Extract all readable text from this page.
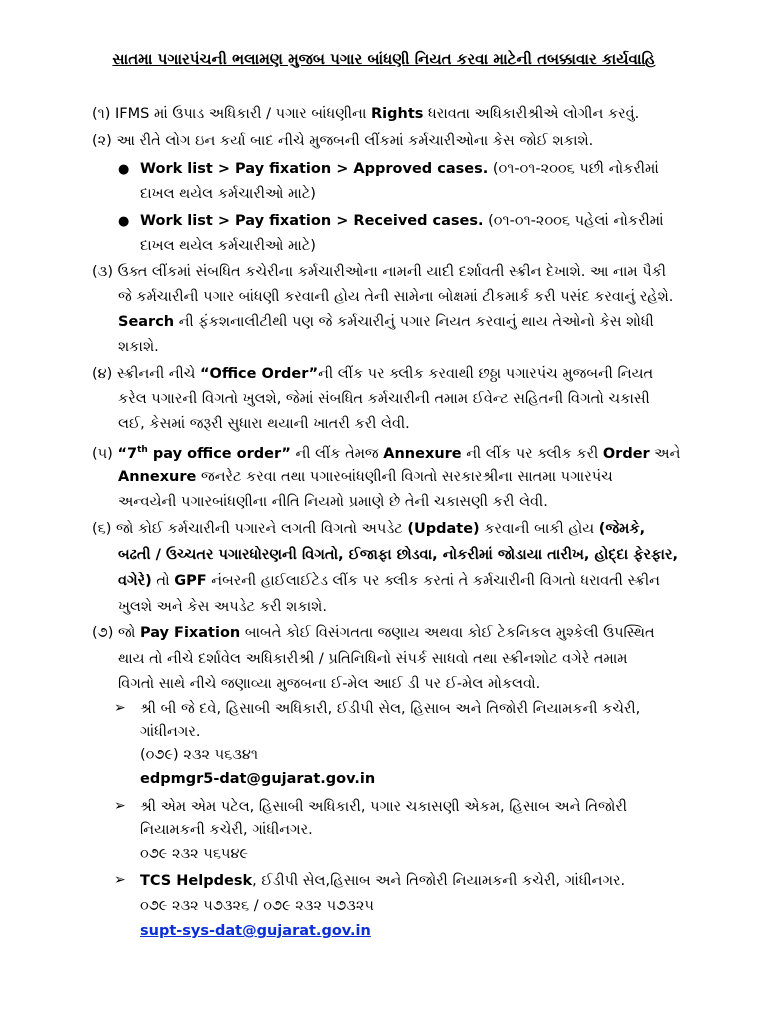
સાતમા પગારપંચની ભલામણ મુજબ પગાર બાંધણી નિયત કરવા માટેની તબક્કાવાર કાર્યવાહિ
(૧) IFMS માં ઉપાડ અધિકારી / પગાર બાંધણીના Rights ધરાવતા અધિકારીશ્રીએ લોગીન કરવું.
(૨) આ રીતે લોગ ઇન કર્યા બાદ નીચે મુજબની લીંકમાં કર્મચારીઓના કેસ જોઈ શકાશે.
● Work list > Pay fixation > Approved cases. (૦૧-૦૧-૨૦૦૬ પછી નોકરીમાં
દાખલ થયેલ કર્મચારીઓ માટે)
● Work list > Pay fixation > Received cases. (૦૧-૦૧-૨૦૦૬ પહેલાં નોકરીમાં
દાખલ થયેલ કર્મચારીઓ માટે)
(૩) ઉક્ત લીંકમાં સંબધિત કચેરીના કર્મચારીઓના નામની યાદી દર્શાવતી સ્ક્રીન દેખાશે. આ નામ પૈકી
જે કર્મચારીની પગાર બાંધણી કરવાની હોય તેની સામેના બોક્ષમાં ટીકમાર્ક કરી પસંદ કરવાનું રહેશે.
Search ની ફંકશનાલીટીથી પણ જે કર્મચારીનું પગાર નિયત કરવાનું થાય તેઓનો કેસ શોધી
શકાશે.
(૪) સ્ક્રીનની નીચે “Office Order”ની લીંક પર ક્લીક કરવાથી છઠ્ઠા પગારપંચ મુજબની નિયત
કરેલ પગારની વિગતો ખુલશે, જેમાં સંબધિત કર્મચારીની તમામ ઈવેન્ટ સહિતની વિગતો ચકાસી
લઈ, કેસમાં જરૂરી સુધારા થયાની ખાતરી કરી લેવી.
(૫) “7th pay office order” ની લીંક તેમજ Annexure ની લીંક પર ક્લીક કરી Order અને
Annexure જનરેટ કરવા તથા પગારબાંધણીની વિગતો સરકારશ્રીના સાતમા પગારપંચ
અન્વયેની પગારબાંધણીના નીતિ નિયમો પ્રમાણે છે તેની ચકાસણી કરી લેવી.
(૬) જો કોઈ કર્મચારીની પગારને લગતી વિગતો અપડેટ (Update) કરવાની બાકી હોય (જેમકે,
બઢતી / ઉચ્ચતર પગારધોરણની વિગતો, ઈજાફા છોડવા, નોકરીમાં જોડાયા તારીખ, હોદ્દા ફેરફાર,
વગેરે) તો GPF નંબરની હાઈલાઈટેડ લીંક પર ક્લીક કરતાં તે કર્મચારીની વિગતો ધરાવતી સ્ક્રીન
ખુલશે અને કેસ અપડેટ કરી શકાશે.
(૭) જો Pay Fixation બાબતે કોઈ વિસંગતતા જણાય અથવા કોઈ ટેકનિકલ મુશ્કેલી ઉપસ્થિત
થાય તો નીચે દર્શાવેલ અધિકારીશ્રી / પ્રતિનિધિનો સંપર્ક સાધવો તથા સ્ક્રીનશોટ વગેરે તમામ
વિગતો સાથે નીચે જણાવ્યા મુજબના ઈ-મેલ આઈ ડી પર ઈ-મેલ મોકલવો.
➢ શ્રી બી જે દવે, હિસાબી અધિકારી, ઈડીપી સેલ, હિસાબ અને તિજોરી નિયામકની કચેરી,
ગાંધીનગર.
(૦૭૯) ૨૩૨ ૫૬૩૪૧
edpmgr5-dat@gujarat.gov.in
➢ શ્રી એમ એમ પટેલ, હિસાબી અધિકારી, પગાર ચકાસણી એકમ, હિસાબ અને તિજોરી
નિયામકની કચેરી, ગાંધીનગર.
૦૭૯ ૨૩૨ ૫૬૫૪૯
➢ TCS Helpdesk, ઈડીપી સેલ,હિસાબ અને તિજોરી નિયામકની કચેરી, ગાંધીનગર.
૦૭૯ ૨૩૨ ૫૭૩૨૬ / ૦૭૯ ૨૩૨ ૫૭૩૨૫
supt-sys-dat@gujarat.gov.in
